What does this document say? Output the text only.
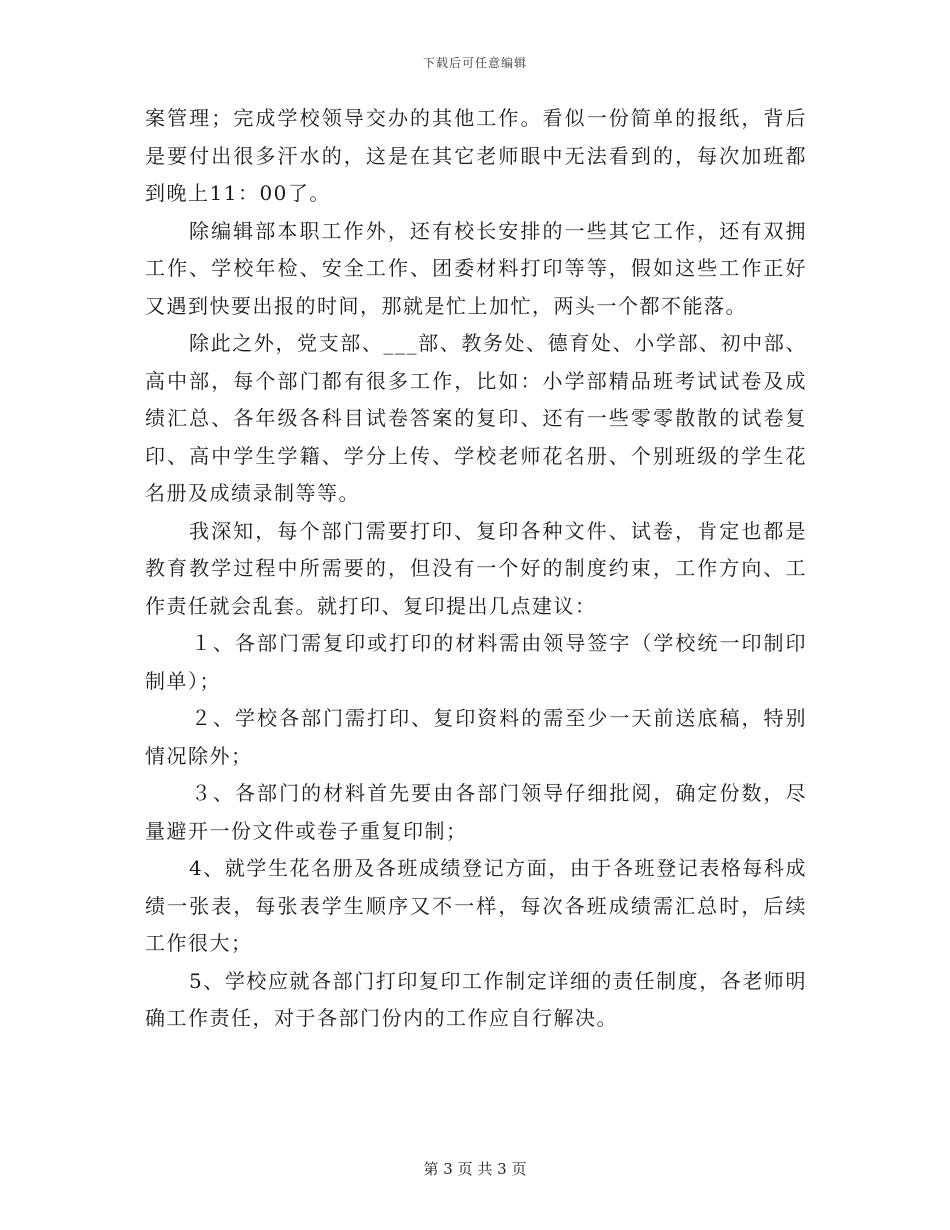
下载后可任意编辑

案管理；完成学校领导交办的其他工作。看似一份简单的报纸，背后是要付出很多汗水的，这是在其它老师眼中无法看到的，每次加班都到晚上11：00了。

除编辑部本职工作外，还有校长安排的一些其它工作，还有双拥工作、学校年检、安全工作、团委材料打印等等，假如这些工作正好又遇到快要出报的时间，那就是忙上加忙，两头一个都不能落。

除此之外，党支部、___部、教务处、德育处、小学部、初中部、高中部，每个部门都有很多工作，比如：小学部精品班考试试卷及成绩汇总、各年级各科目试卷答案的复印、还有一些零零散散的试卷复印、高中学生学籍、学分上传、学校老师花名册、个别班级的学生花名册及成绩录制等等。

我深知，每个部门需要打印、复印各种文件、试卷，肯定也都是教育教学过程中所需要的，但没有一个好的制度约束，工作方向、工作责任就会乱套。就打印、复印提出几点建议：

１、各部门需复印或打印的材料需由领导签字（学校统一印制印制单）；

２、学校各部门需打印、复印资料的需至少一天前送底稿，特别情况除外；

３、各部门的材料首先要由各部门领导仔细批阅，确定份数，尽量避开一份文件或卷子重复印制；

4、就学生花名册及各班成绩登记方面，由于各班登记表格每科成绩一张表，每张表学生顺序又不一样，每次各班成绩需汇总时，后续工作很大；

5、学校应就各部门打印复印工作制定详细的责任制度，各老师明确工作责任，对于各部门份内的工作应自行解决。

第 3 页 共 3 页
